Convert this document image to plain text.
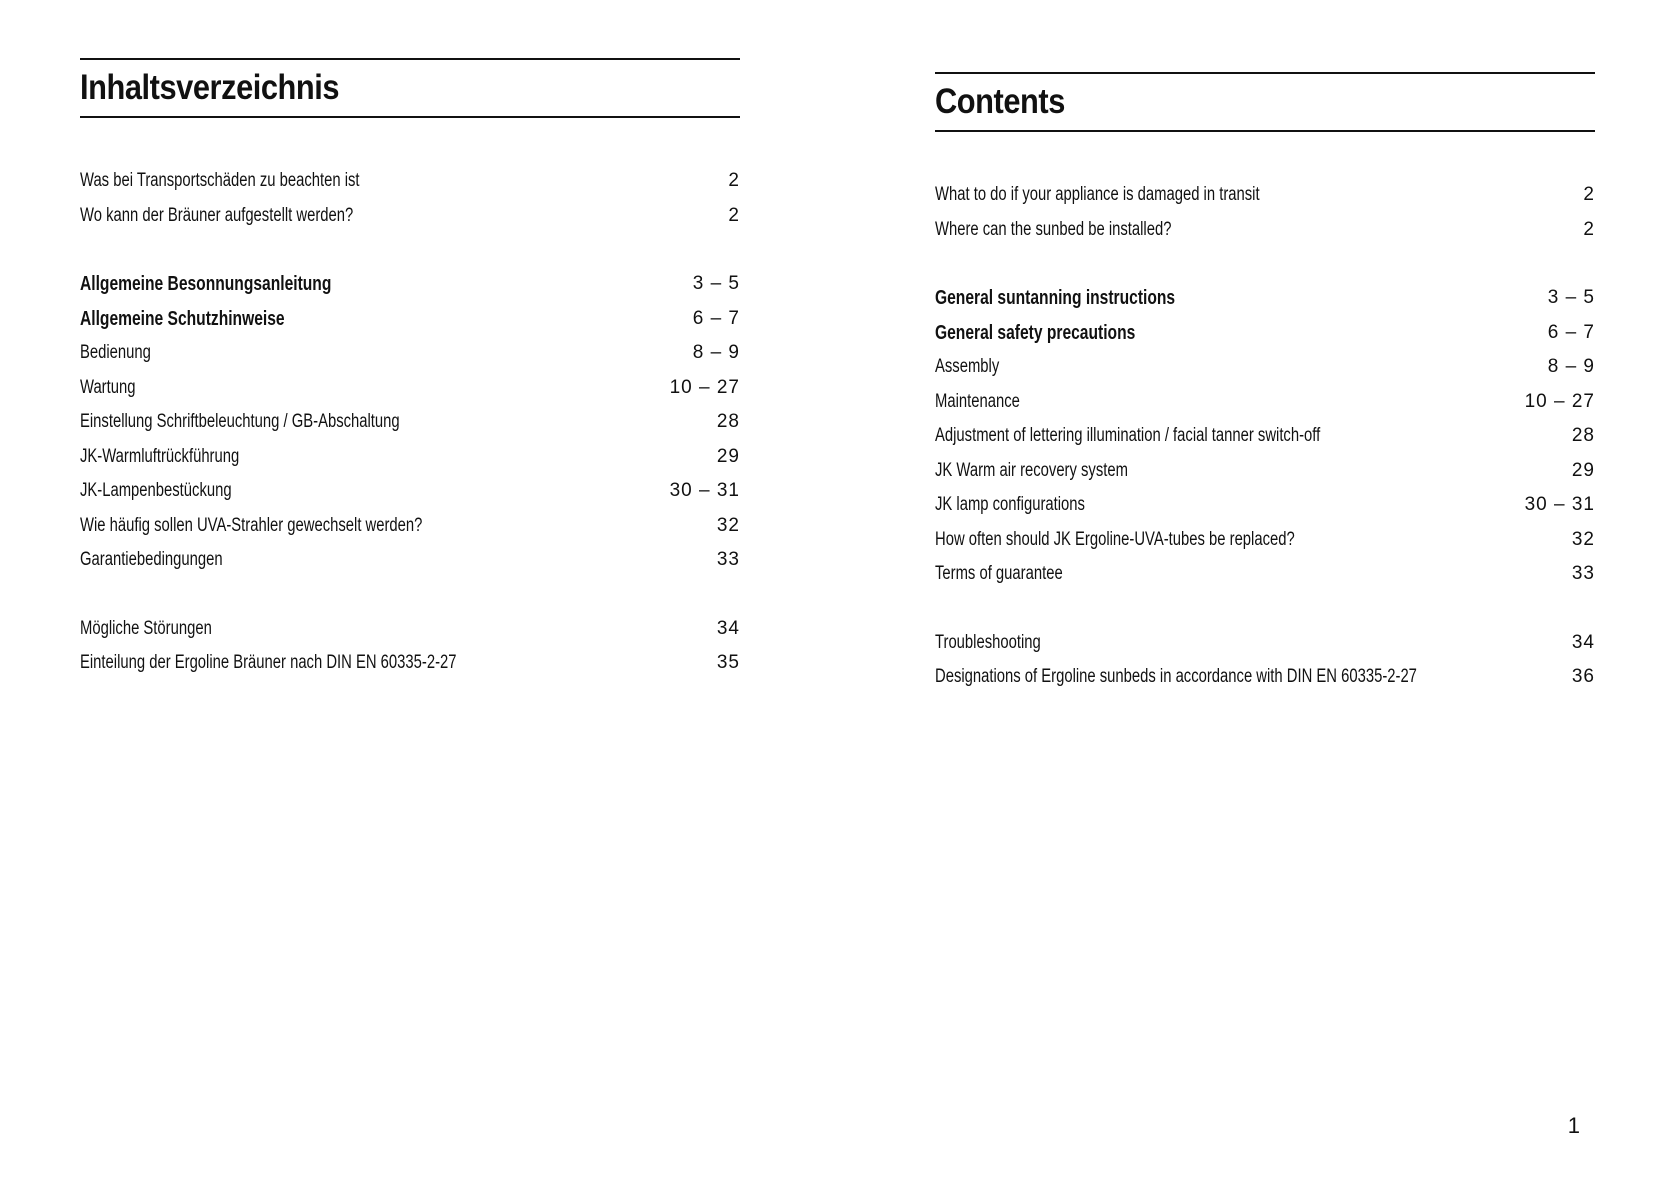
Inhaltsverzeichnis
Was bei Transportschäden zu beachten ist	2
Wo kann der Bräuner aufgestellt werden?	2
Allgemeine Besonnungsanleitung	3 – 5
Allgemeine Schutzhinweise	6 – 7
Bedienung	8 – 9
Wartung	10 – 27
Einstellung Schriftbeleuchtung / GB-Abschaltung	28
JK-Warmluftrückführung	29
JK-Lampenbestückung	30 – 31
Wie häufig sollen UVA-Strahler gewechselt werden?	32
Garantiebedingungen	33
Mögliche Störungen	34
Einteilung der Ergoline Bräuner nach DIN EN 60335-2-27	35
Contents
What to do if your appliance is damaged in transit	2
Where can the sunbed be installed?	2
General suntanning instructions	3 – 5
General safety precautions	6 – 7
Assembly	8 – 9
Maintenance	10 – 27
Adjustment of lettering illumination / facial tanner switch-off	28
JK Warm air recovery system	29
JK lamp configurations	30 – 31
How often should JK Ergoline-UVA-tubes be replaced?	32
Terms of guarantee	33
Troubleshooting	34
Designations of Ergoline sunbeds in accordance with DIN EN 60335-2-27	36
1
